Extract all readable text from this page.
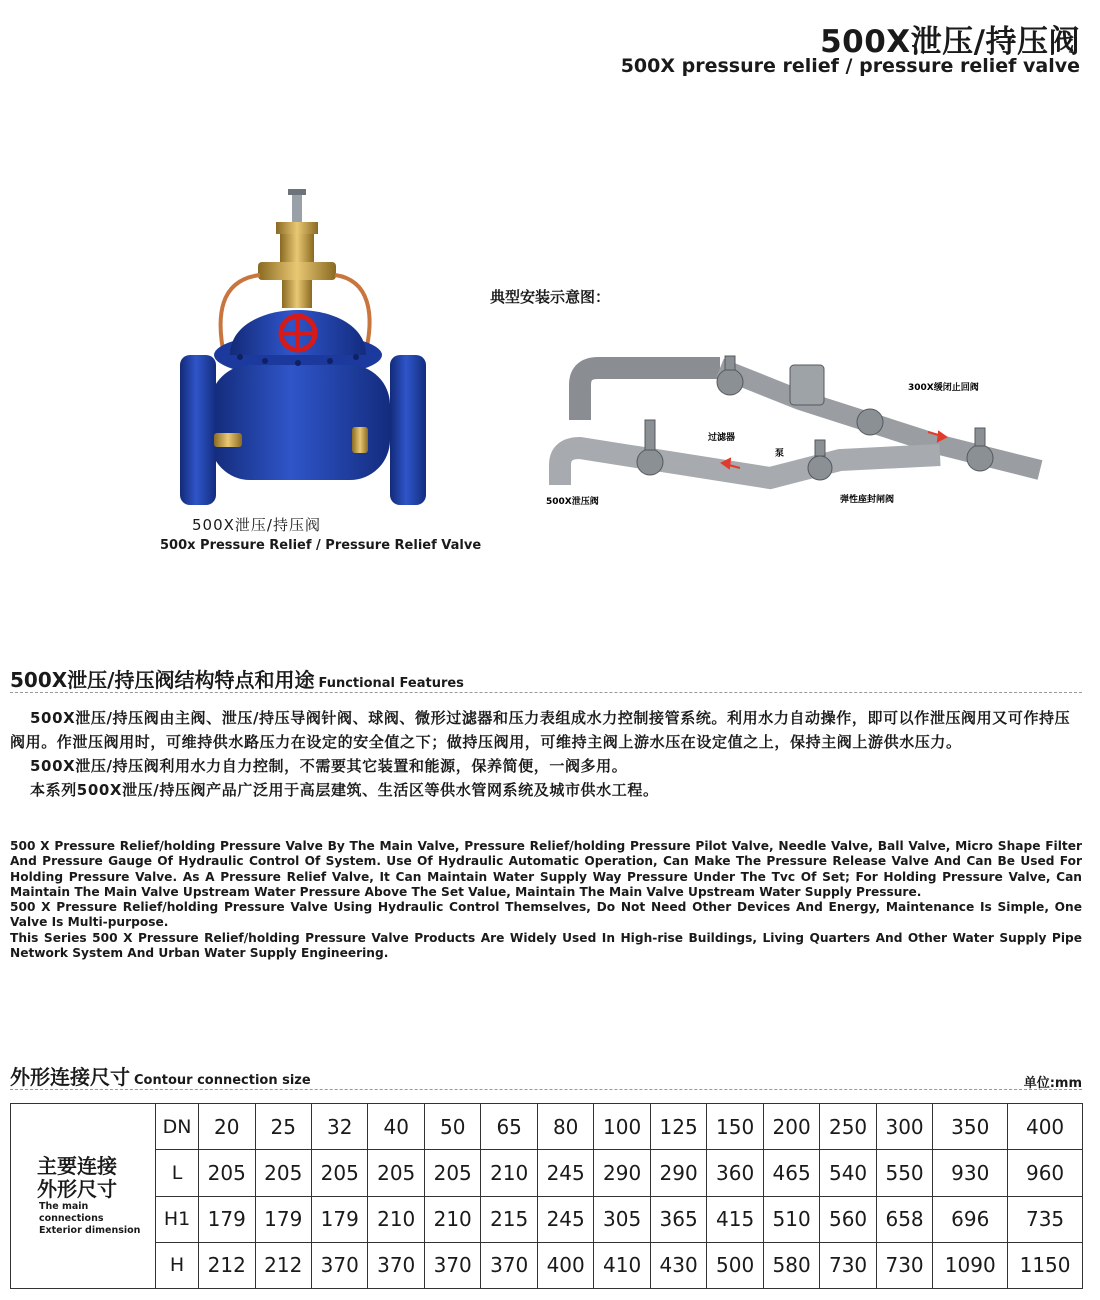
500X泄压/持压阀
500X pressure relief / pressure relief valve
500X泄压/持压阀
500x Pressure Relief / Pressure Relief Valve
典型安装示意图：
300X缓闭止回阀
过滤器
泵
500X泄压阀	弹性座封闸阀
500X泄压/持压阀结构特点和用途 Functional Features

500X泄压/持压阀由主阀、泄压/持压导阀针阀、球阀、微形过滤器和压力表组成水力控制接管系统。利用水力自动操作，即可以作泄压阀用又可作持压阀用。作泄压阀用时，可维持供水路压力在设定的安全值之下；做持压阀用，可维持主阀上游水压在设定值之上，保持主阀上游供水压力。

500X泄压/持压阀利用水力自力控制，不需要其它装置和能源，保养简便，一阀多用。

本系列500X泄压/持压阀产品广泛用于高层建筑、生活区等供水管网系统及城市供水工程。

500 X Pressure Relief/holding Pressure Valve By The Main Valve, Pressure Relief/holding Pressure Pilot Valve, Needle Valve, Ball Valve, Micro Shape Filter And Pressure Gauge Of Hydraulic Control Of System. Use Of Hydraulic Automatic Operation, Can Make The Pressure Release Valve And Can Be Used For Holding Pressure Valve. As A Pressure Relief Valve, It Can Maintain Water Supply Way Pressure Under The Tvc Of Set; For Holding Pressure Valve, Can Maintain The Main Valve Upstream Water Pressure Above The Set Value, Maintain The Main Valve Upstream Water Supply Pressure.

500 X Pressure Relief/holding Pressure Valve Using Hydraulic Control Themselves, Do Not Need Other Devices And Energy, Maintenance Is Simple, One Valve Is Multi-purpose.

This Series 500 X Pressure Relief/holding Pressure Valve Products Are Widely Used In High-rise Buildings, Living Quarters And Other Water Supply Pipe Network System And Urban Water Supply Engineering.

外形连接尺寸 Contour connection size	单位:mm
主要连接
外形尺寸
The main connections
Exterior dimension	DN	20	25	32	40	50	65	80	100	125	150	200	250	300	350	400
	L	205	205	205	205	205	210	245	290	290	360	465	540	550	930	960
	H1	179	179	179	210	210	215	245	305	365	415	510	560	658	696	735
	H	212	212	370	370	370	370	400	410	430	500	580	730	730	1090	1150
